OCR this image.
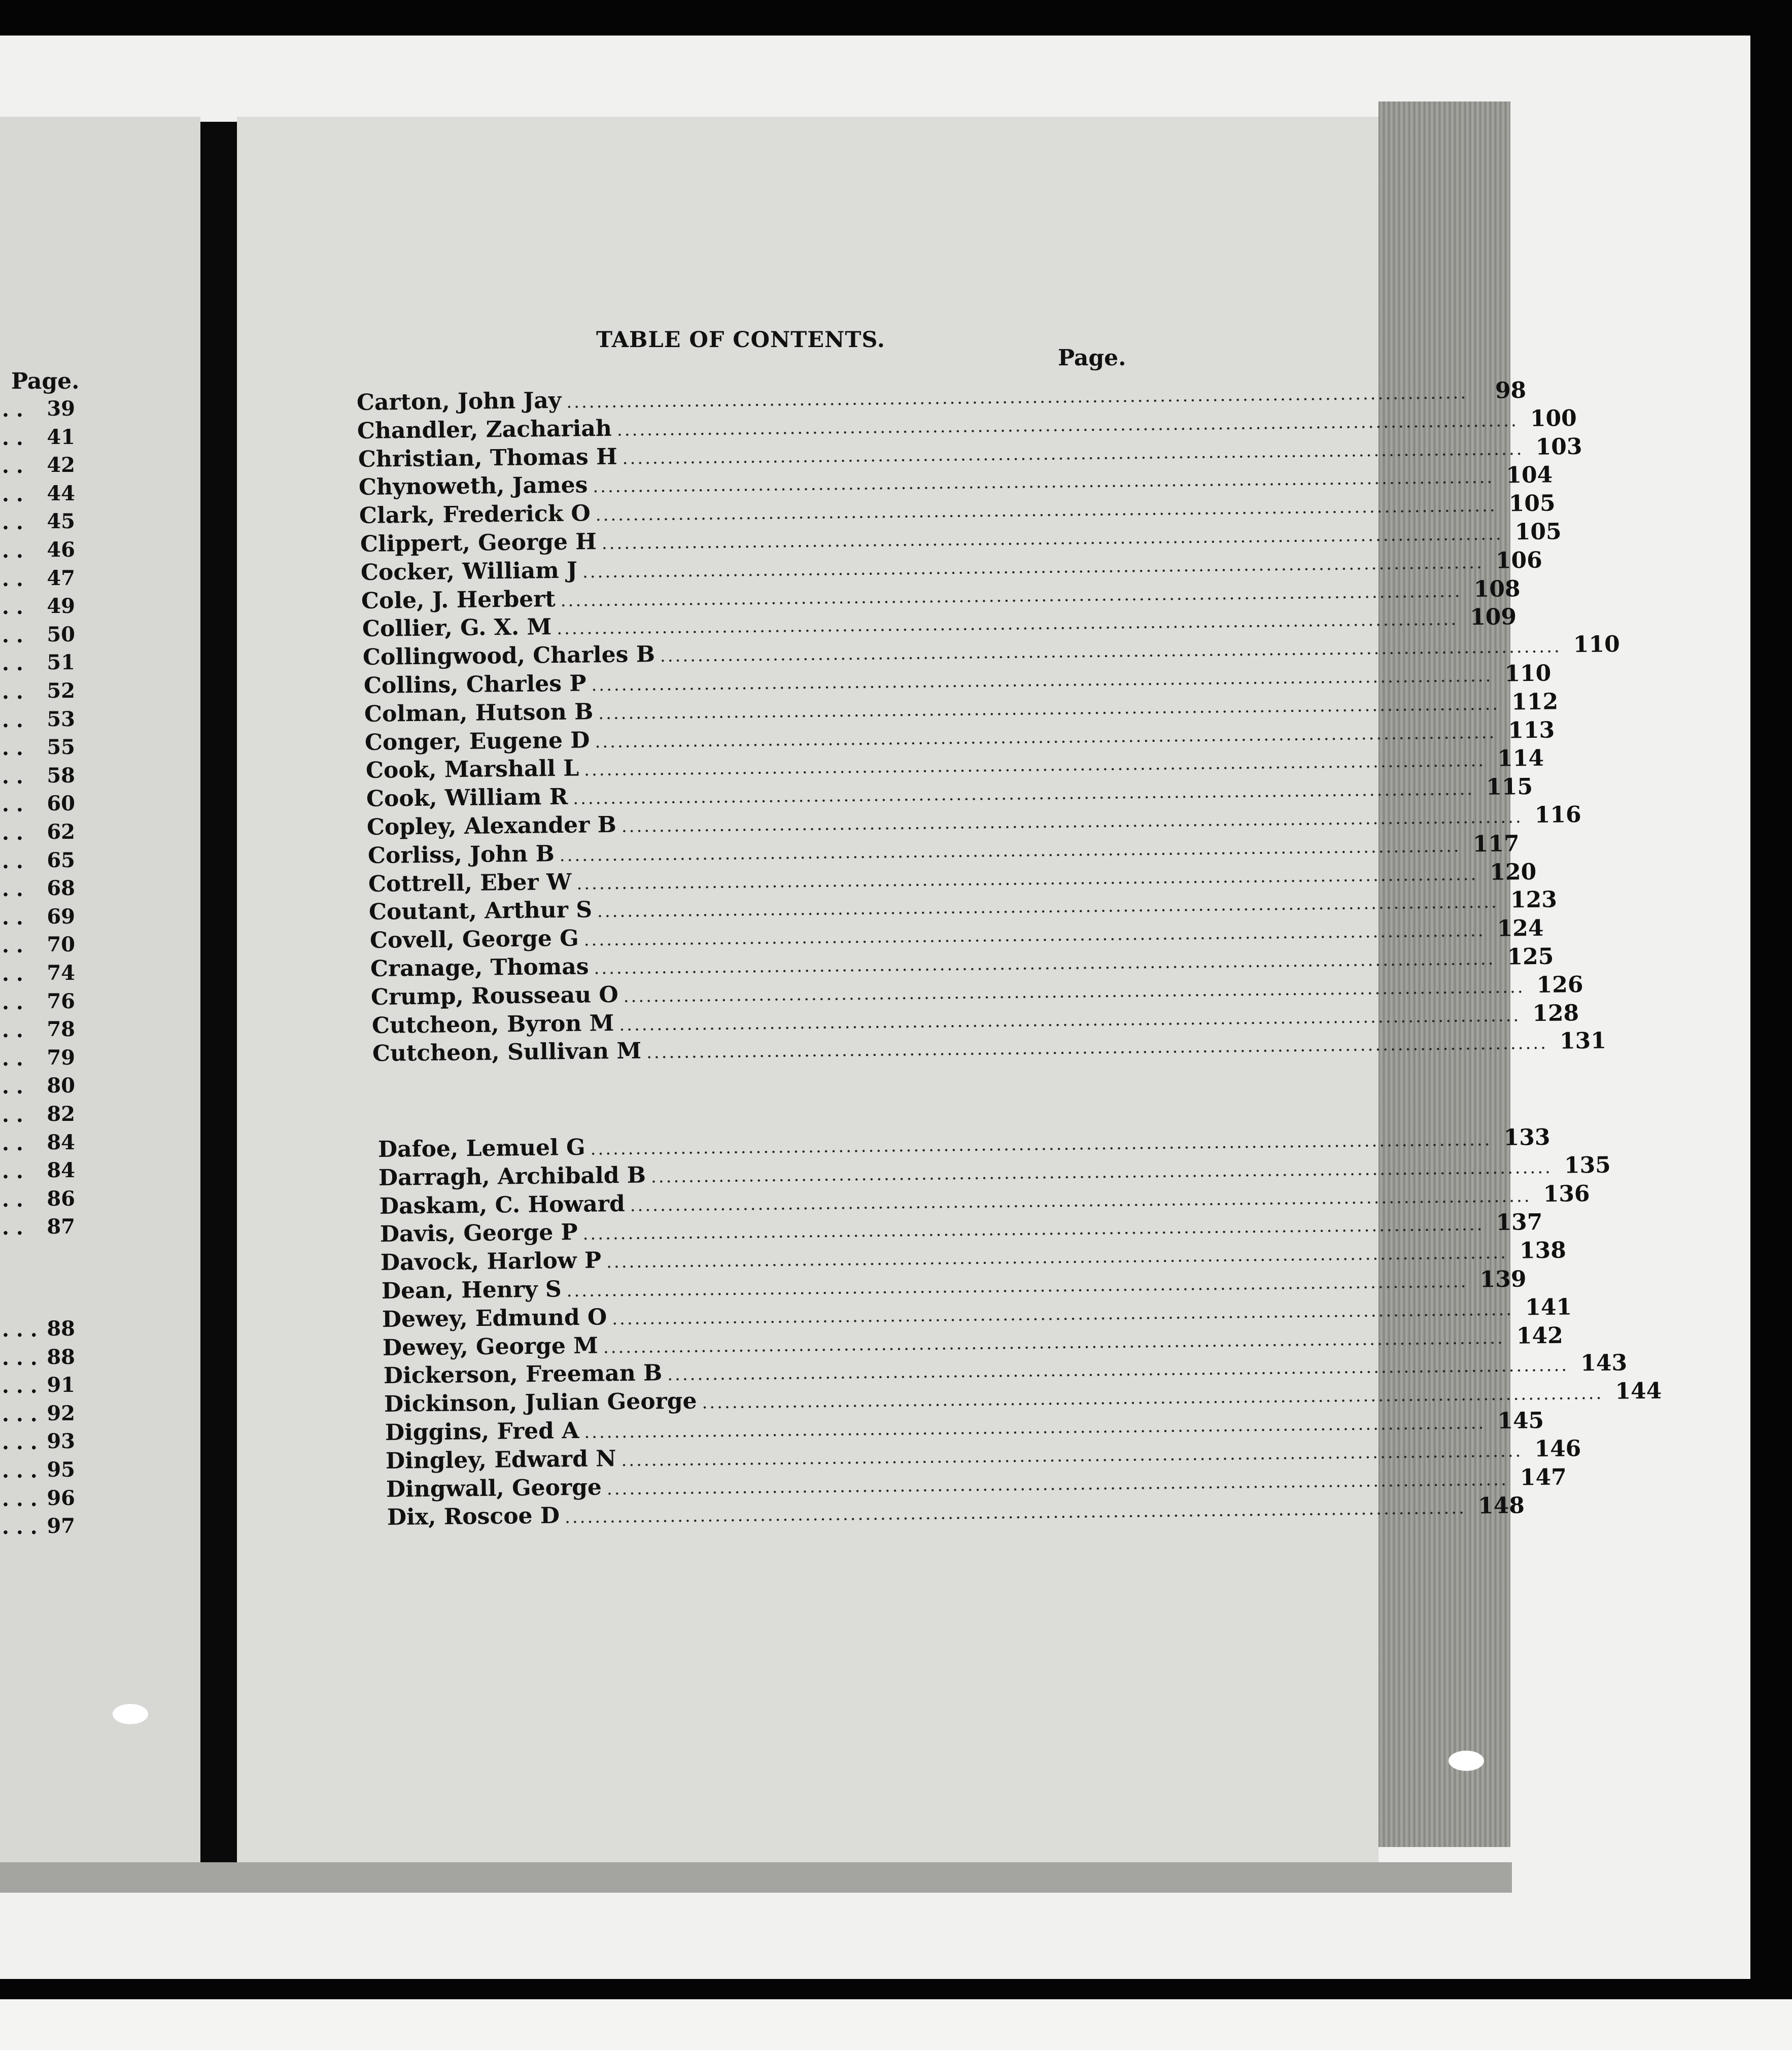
Page.
. . 39
. . 41
. . 42
. . 44
. . 45
. . 46
. . 47
. . 49
. . 50
. . 51
. . 52
. . 53
. . 55
. . 58
. . 60
. . 62
. . 65
. . 68
. . 69
. . 70
. . 74
. . 76
. . 78
. . 79
. . 80
. . 82
. . 84
. . 84
. . 86
. . 87
. . . 88
. . . 88
. . . 91
. . . 92
. . . 93
. . . 95
. . . 96
. . . 97
TABLE OF CONTENTS.
Page.
Carton, John Jay ........................................................................................................................	98
Chandler, Zachariah ........................................................................................................................ 100
Christian, Thomas H ........................................................................................................................ 103
Chynoweth, James ........................................................................................................................ 104
Clark, Frederick O ........................................................................................................................ 105
Clippert, George H ........................................................................................................................ 105
Cocker, William J ........................................................................................................................ 106
Cole, J. Herbert ........................................................................................................................ 108
Collier, G. X. M ........................................................................................................................ 109
Collingwood, Charles B ........................................................................................................................ 110
Collins, Charles P ........................................................................................................................ 110
Colman, Hutson B ........................................................................................................................ 112
Conger, Eugene D ........................................................................................................................ 113
Cook, Marshall L ........................................................................................................................ 114
Cook, William R ........................................................................................................................ 115
Copley, Alexander B ........................................................................................................................ 116
Corliss, John B ........................................................................................................................ 117
Cottrell, Eber W ........................................................................................................................ 120
Coutant, Arthur S ........................................................................................................................ 123
Covell, George G ........................................................................................................................ 124
Cranage, Thomas ........................................................................................................................ 125
Crump, Rousseau O ........................................................................................................................ 126
Cutcheon, Byron M ........................................................................................................................ 128
Cutcheon, Sullivan M ........................................................................................................................ 131
Dafoe, Lemuel G ........................................................................................................................ 133
Darragh, Archibald B ........................................................................................................................ 135
Daskam, C. Howard ........................................................................................................................ 136
Davis, George P ........................................................................................................................ 137
Davock, Harlow P ........................................................................................................................ 138
Dean, Henry S ........................................................................................................................ 139
Dewey, Edmund O ........................................................................................................................ 141
Dewey, George M ........................................................................................................................ 142
Dickerson, Freeman B ........................................................................................................................ 143
Dickinson, Julian George ........................................................................................................................ 144
Diggins, Fred A ........................................................................................................................ 145
Dingley, Edward N ........................................................................................................................ 146
Dingwall, George ........................................................................................................................ 147
Dix, Roscoe D ........................................................................................................................ 148
